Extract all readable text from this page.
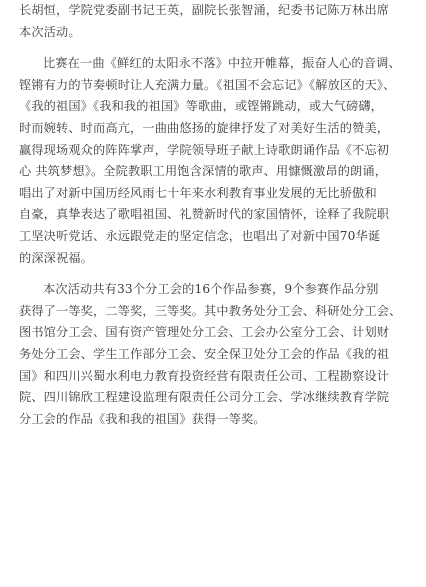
长胡恒，学院党委副书记王英，副院长张智涌，纪委书记陈万林出席
本次活动。
比赛在一曲《鲜红的太阳永不落》中拉开帷幕，振奋人心的音调、
铿锵有力的节奏顿时让人充满力量。《祖国不会忘记》《解放区的天》、
《我的祖国》《我和我的祖国》等歌曲，或铿锵跳动，或大气磅礴，
时而婉转、时而高亢，一曲曲悠扬的旋律抒发了对美好生活的赞美，
赢得现场观众的阵阵掌声，学院领导班子献上诗歌朗诵作品《不忘初
心 共筑梦想》。全院教职工用饱含深情的歌声、用慷慨激昂的朗诵，
唱出了对新中国历经风雨七十年来水利教育事业发展的无比骄傲和
自豪，真挚表达了歌唱祖国、礼赞新时代的家国情怀，诠释了我院职
工坚决听党话、永远跟党走的坚定信念，也唱出了对新中国70华诞
的深深祝福。
本次活动共有33个分工会的16个作品参赛，9个参赛作品分别
获得了一等奖，二等奖，三等奖。其中教务处分工会、科研处分工会、
图书馆分工会、国有资产管理处分工会、工会办公室分工会、计划财
务处分工会、学生工作部分工会、安全保卫处分工会的作品《我的祖
国》和四川兴蜀水利电力教育投资经营有限责任公司、工程勘察设计
院、四川锦欣工程建设监理有限责任公司分工会、学冰继续教育学院
分工会的作品《我和我的祖国》获得一等奖。
